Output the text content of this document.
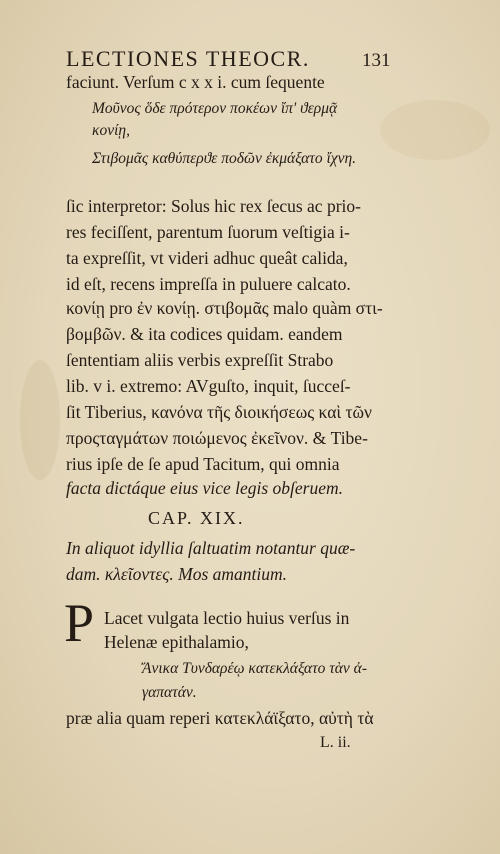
LECTIONES THEOCR.	131
faciunt. Verſum c x x i. cum ſequente
Μοῦνος ὅδε πρότερον ποκέων ἴπ' ϑερμᾷ
κονίῃ,
Στιβομᾶς καθύπερϑε ποδῶν ἐκμάξατο ἴχνη.
ſic interpretor: Solus hic rex ſecus ac prio-
res feciſſent, parentum ſuorum veſtigia i-
ta expreſſit, vt videri adhuc queât calida,
id eſt, recens impreſſa in puluere calcato.
κονίῃ pro ἐν κονίῃ. στιβομᾶς malo quàm στι-
βομβῶν. & ita codices quidam. eandem
ſententiam aliis verbis expreſſit Strabo
lib. v i. extremo: AVguſto, inquit, ſucceſ-
ſit Tiberius, κανόνα τῆς διοικήσεως καὶ τῶν
προςταγμάτων ποιώμενος ἐκεῖνον. & Tibe-
rius ipſe de ſe apud Tacitum, qui omnia
facta dictáque eius vice legis obſeruem.
CAP. XIX.
In aliquot idyllia ſaltuatim notantur quæ-
dam. κλεῖοντες. Mos amantium.
P Lacet vulgata lectio huius verſus in
Helenæ epithalamio,
Ἄνικα Τυνδαρέῳ κατεκλάξατο τὰν ἀ-
γαπατάν.
præ alia quam reperi κατεκλάϊξατο, αὐτὴ τὰ
L. ii.
